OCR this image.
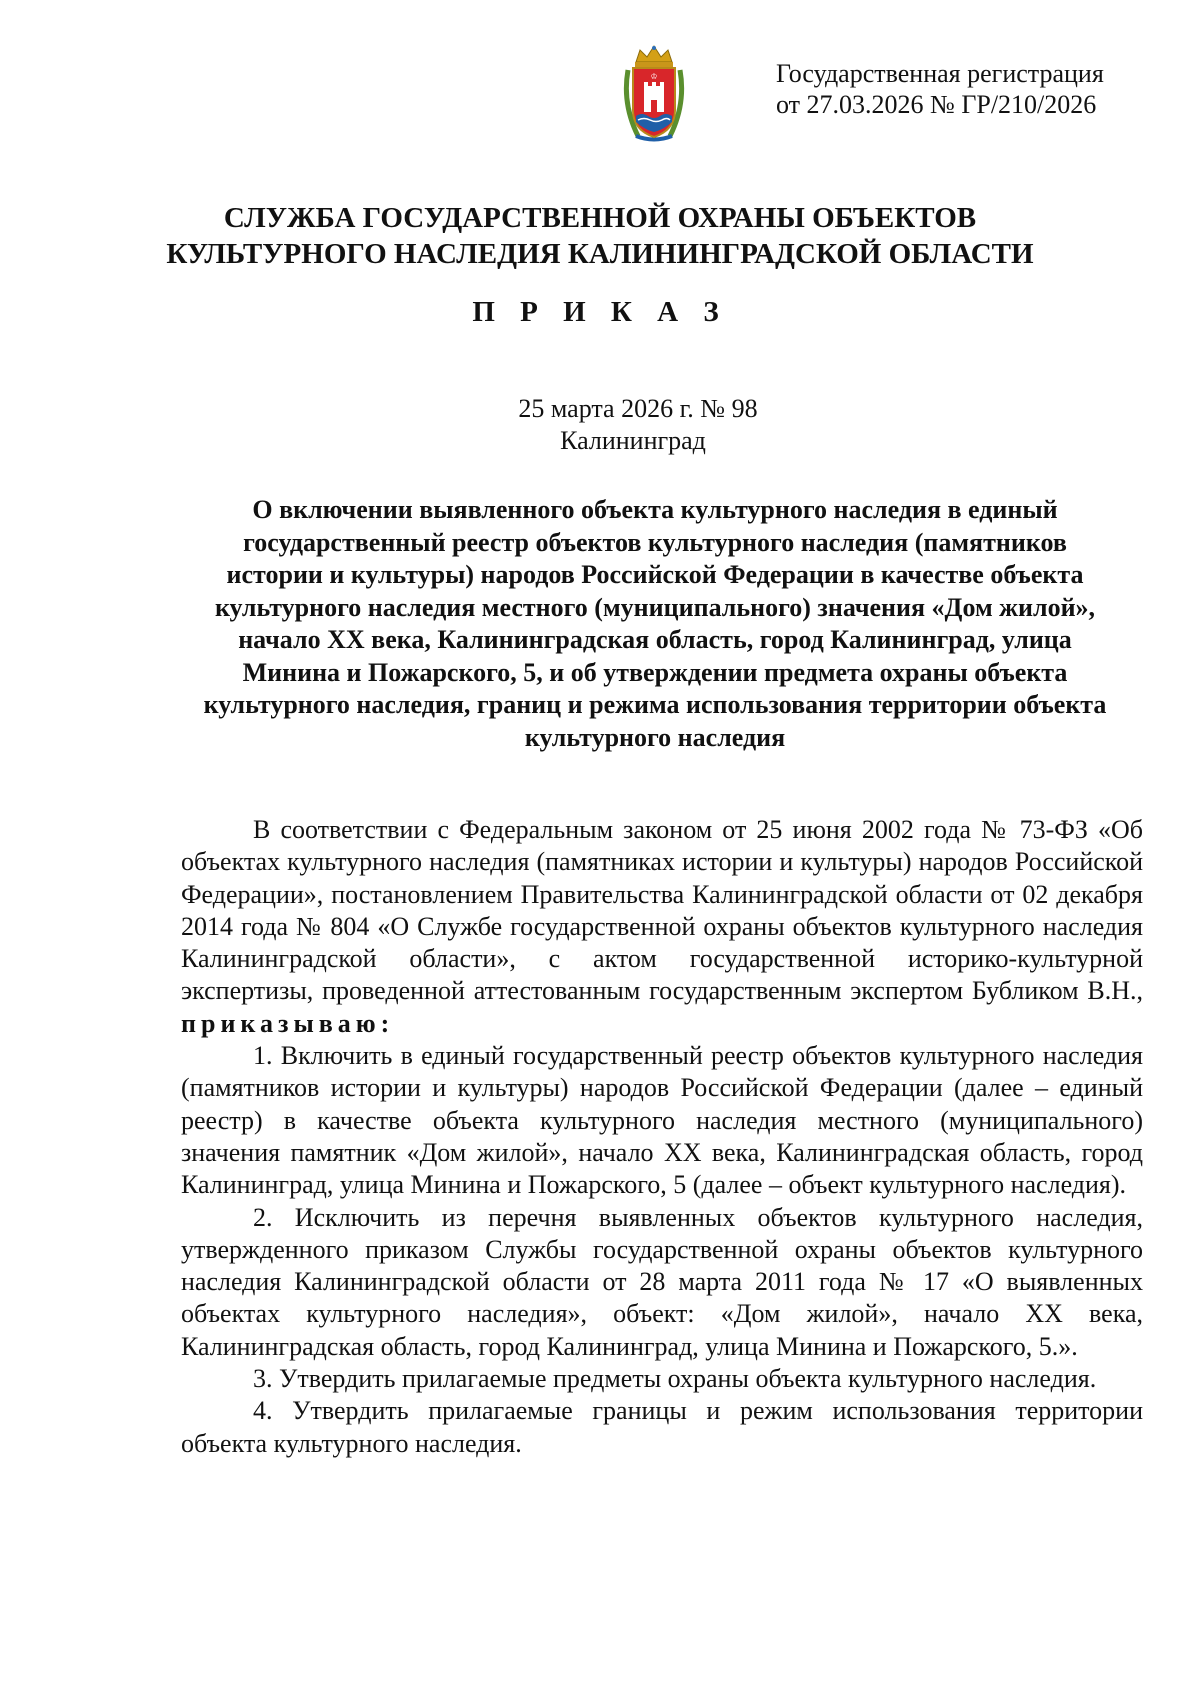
♔	Государственная регистрация
от 27.03.2026 № ГР/210/2026
СЛУЖБА ГОСУДАРСТВЕННОЙ ОХРАНЫ ОБЪЕКТОВ
КУЛЬТУРНОГО НАСЛЕДИЯ КАЛИНИНГРАДСКОЙ ОБЛАСТИ
П Р И К А З
25 марта 2026 г. № 98
Калининград
О включении выявленного объекта культурного наследия в единый государственный реестр объектов культурного наследия (памятников истории и культуры) народов Российской Федерации в качестве объекта культурного наследия местного (муниципального) значения «Дом жилой», начало XX века, Калининградская область, город Калининград, улица Минина и Пожарского, 5, и об утверждении предмета охраны объекта культурного наследия, границ и режима использования территории объекта культурного наследия

В соответствии с Федеральным законом от 25 июня 2002 года № 73-ФЗ «Об объектах культурного наследия (памятниках истории и культуры) народов Российской Федерации», постановлением Правительства Калининградской области от 02 декабря 2014 года № 804 «О Службе государственной охраны объектов культурного наследия Калининградской области», с актом государственной историко-культурной экспертизы, проведенной аттестованным государственным экспертом Бубликом В.Н., приказываю:

1. Включить в единый государственный реестр объектов культурного наследия (памятников истории и культуры) народов Российской Федерации (далее – единый реестр) в качестве объекта культурного наследия местного (муниципального) значения памятник «Дом жилой», начало XX века, Калининградская область, город Калининград, улица Минина и Пожарского, 5 (далее – объект культурного наследия).

2. Исключить из перечня выявленных объектов культурного наследия, утвержденного приказом Службы государственной охраны объектов культурного наследия Калининградской области от 28 марта 2011 года № 17 «О выявленных объектах культурного наследия», объект: «Дом жилой», начало XX века, Калининградская область, город Калининград, улица Минина и Пожарского, 5.».

3. Утвердить прилагаемые предметы охраны объекта культурного наследия.

4. Утвердить прилагаемые границы и режим использования территории объекта культурного наследия.
